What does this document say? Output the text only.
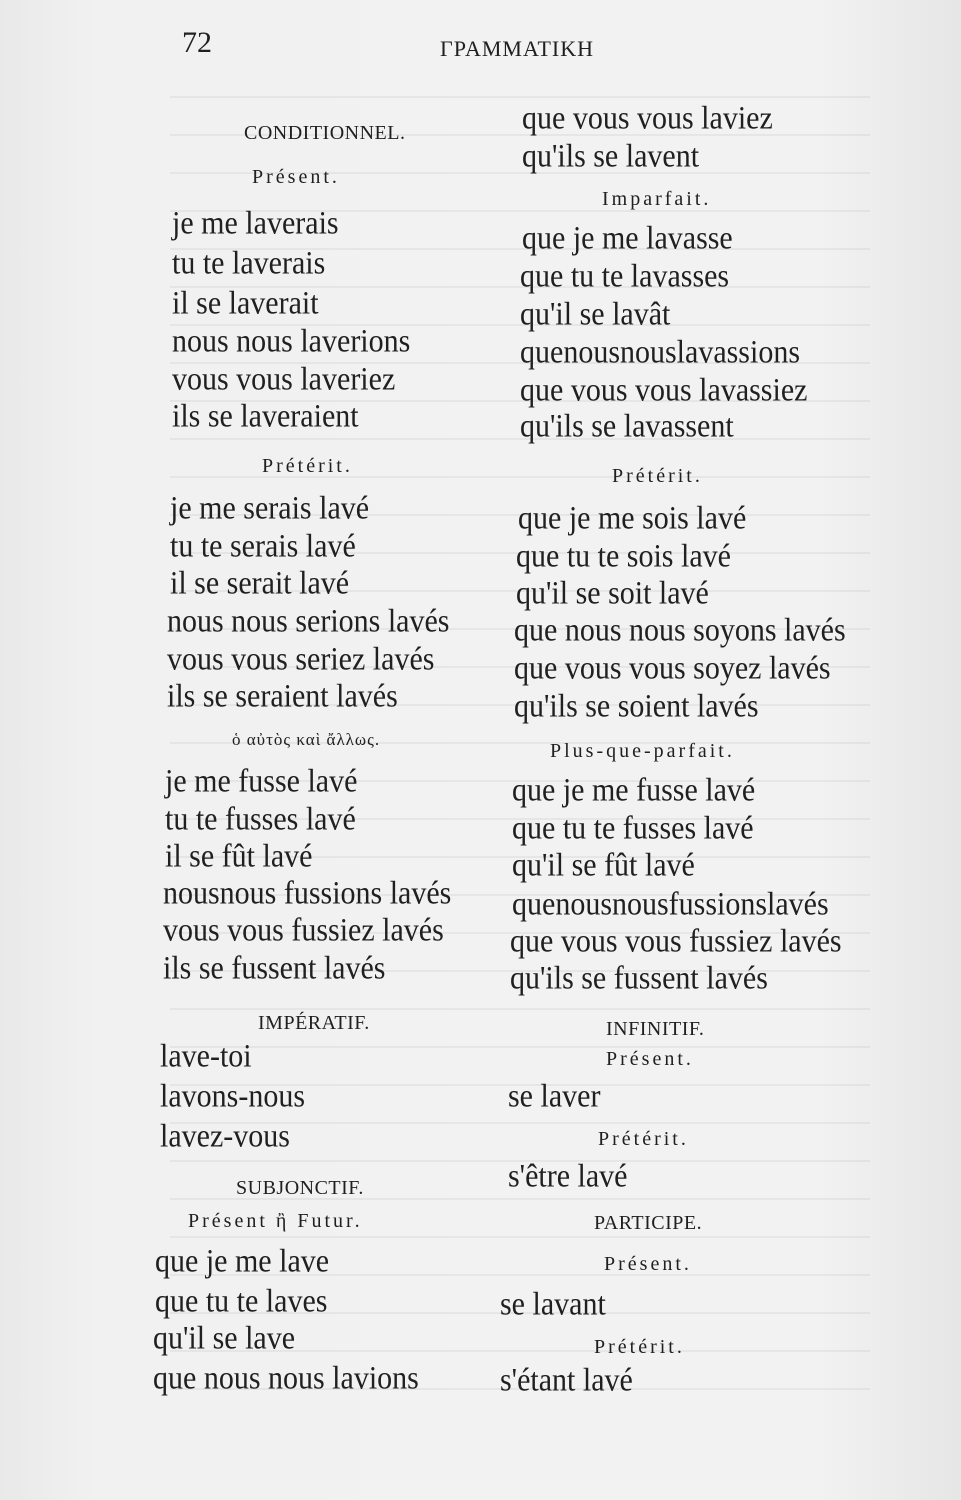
72	ΓΡΑΜΜΑΤΙΚΗ
CONDITIONNEL.
Présent.
je me laverais
tu te laverais
il se laverait
nous nous laverions
vous vous laveriez
ils se laveraient
Prétérit.
je me serais lavé
tu te serais lavé
il se serait lavé
nous nous serions lavés
vous vous seriez lavés
ils se seraient lavés
ὁ αὐτὸς καὶ ἄλλως.
je me fusse lavé
tu te fusses lavé
il se fût lavé
nousnous fussions lavés
vous vous fussiez lavés
ils se fussent lavés
IMPÉRATIF.
lave-toi
lavons-nous
lavez-vous
SUBJONCTIF.
Présent ἢ Futur.
que je me lave
que tu te laves
qu'il se lave
que nous nous lavions
que vous vous laviez
qu'ils se lavent
Imparfait.
que je me lavasse
que tu te lavasses
qu'il se lavât
quenousnouslavassions
que vous vous lavassiez
qu'ils se lavassent
Prétérit.
que je me sois lavé
que tu te sois lavé
qu'il se soit lavé
que nous nous soyons lavés
que vous vous soyez lavés
qu'ils se soient lavés
Plus-que-parfait.
que je me fusse lavé
que tu te fusses lavé
qu'il se fût lavé
quenousnousfussionslavés
que vous vous fussiez lavés
qu'ils se fussent lavés
INFINITIF.
Présent.
se laver
Prétérit.
s'être lavé
PARTICIPE.
Présent.
se lavant
Prétérit.
s'étant lavé
